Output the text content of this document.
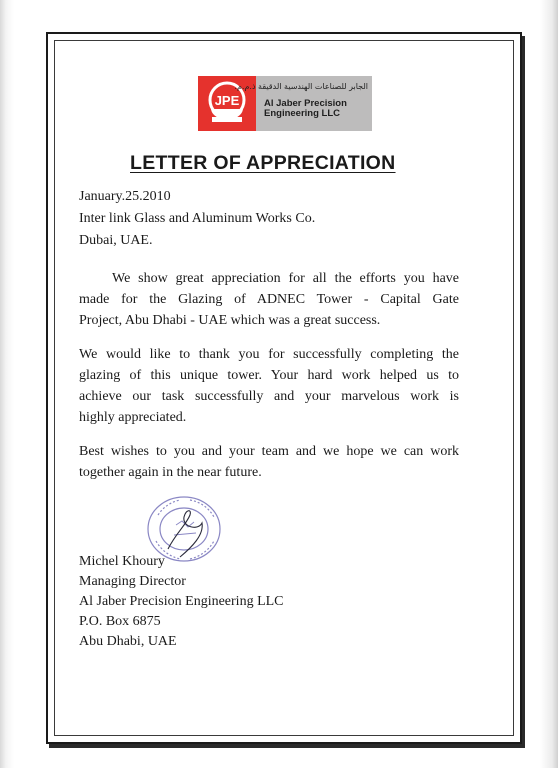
JPE
الجابر للصناعات الهندسية الدقيقة ذ.م.م.
Al Jaber Precision
Engineering LLC
LETTER OF APPRECIATION
January.25.2010
Inter link Glass and Aluminum Works Co.
Dubai, UAE.
We show great appreciation for all the efforts you have
made for the Glazing of ADNEC Tower - Capital Gate
Project, Abu Dhabi - UAE which was a great success.
We would like to thank you for successfully completing the
glazing of this unique tower. Your hard work helped us to
achieve our task successfully and your marvelous work is
highly appreciated.
Best wishes to you and your team and we hope we can work
together again in the near future.
Michel Khoury
Managing Director
Al Jaber Precision Engineering LLC
P.O. Box 6875
Abu Dhabi, UAE
